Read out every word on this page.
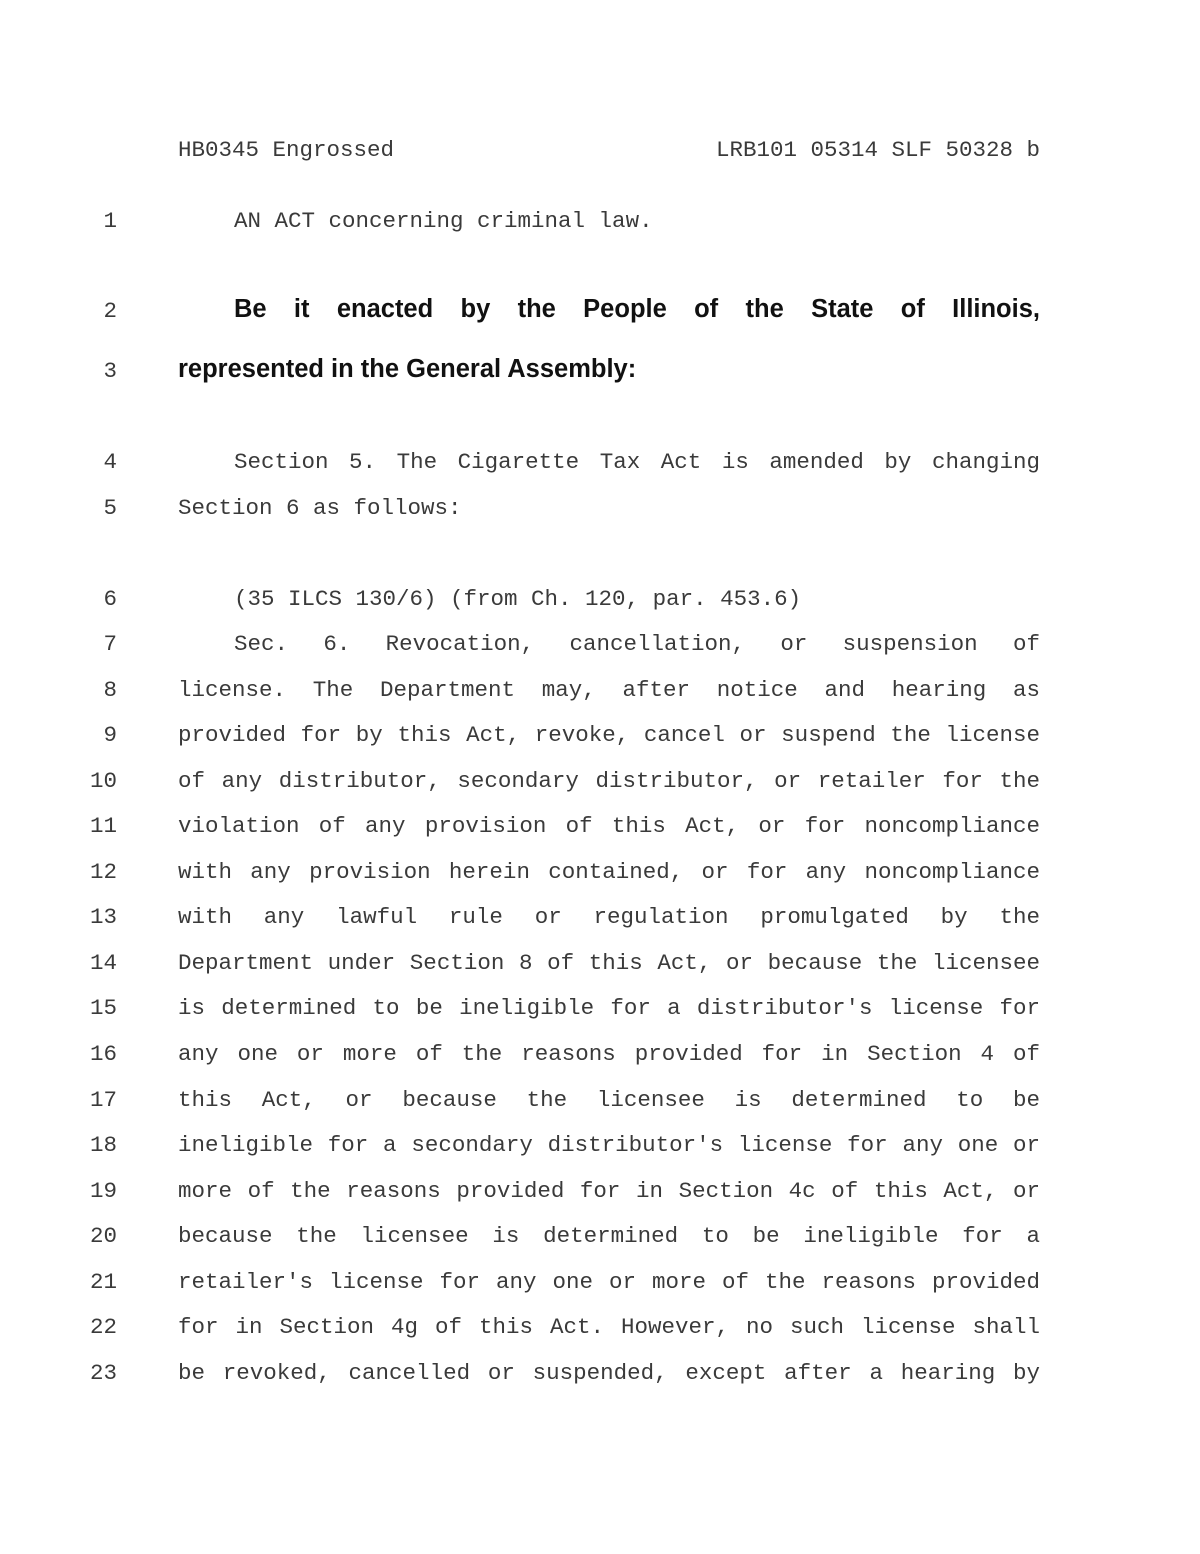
HB0345 Engrossed	LRB101 05314 SLF 50328 b
1	AN ACT concerning criminal law.
2	Be it enacted by the People of the State of Illinois,
3 represented in the General Assembly:
4	Section 5. The Cigarette Tax Act is amended by changing
5	Section 6 as follows:
6	(35 ILCS 130/6) (from Ch. 120, par. 453.6)
7	Sec. 6. Revocation, cancellation, or suspension of
8	license. The Department may, after notice and hearing as
9	provided for by this Act, revoke, cancel or suspend the license
10	of any distributor, secondary distributor, or retailer for the
11	violation of any provision of this Act, or for noncompliance
12	with any provision herein contained, or for any noncompliance
13	with any lawful rule or regulation promulgated by the
14	Department under Section 8 of this Act, or because the licensee
15	is determined to be ineligible for a distributor's license for
16	any one or more of the reasons provided for in Section 4 of
17	this Act, or because the licensee is determined to be
18	ineligible for a secondary distributor's license for any one or
19	more of the reasons provided for in Section 4c of this Act, or
20	because the licensee is determined to be ineligible for a
21	retailer's license for any one or more of the reasons provided
22	for in Section 4g of this Act. However, no such license shall
23	be revoked, cancelled or suspended, except after a hearing by
